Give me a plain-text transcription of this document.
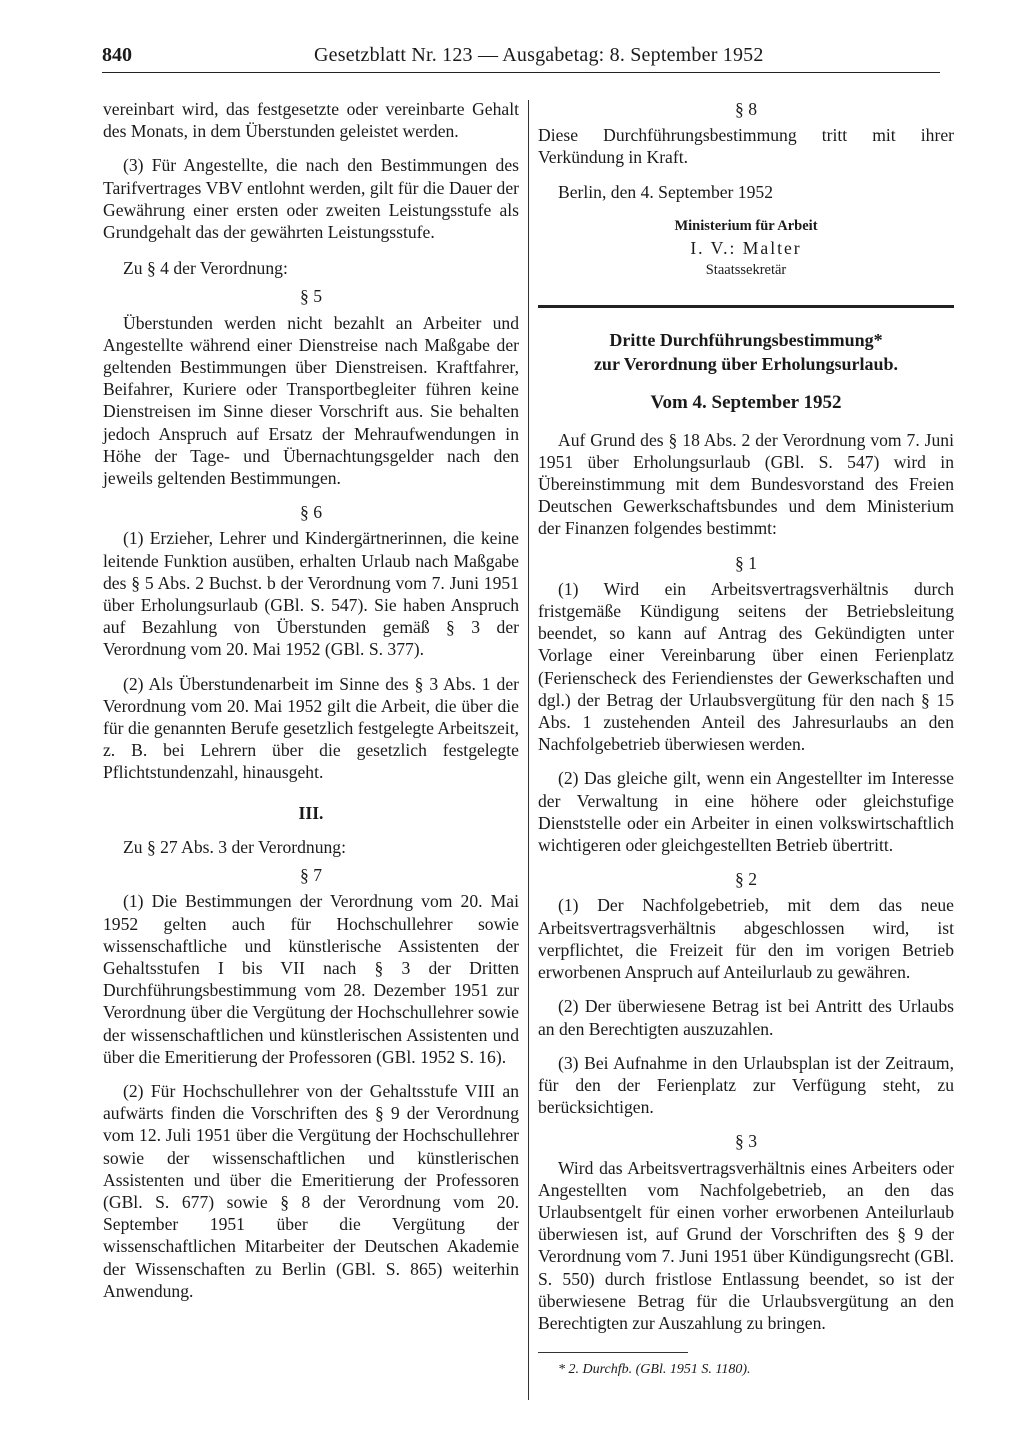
840	Gesetzblatt Nr. 123 — Ausgabetag: 8. September 1952

vereinbart wird, das festgesetzte oder vereinbarte Gehalt des Monats, in dem Überstunden geleistet werden.

(3) Für Angestellte, die nach den Bestimmungen des Tarifvertrages VBV entlohnt werden, gilt für die Dauer der Gewährung einer ersten oder zweiten Leistungsstufe als Grundgehalt das der gewährten Leistungsstufe.

Zu § 4 der Verordnung:

§ 5

Überstunden werden nicht bezahlt an Arbeiter und Angestellte während einer Dienstreise nach Maßgabe der geltenden Bestimmungen über Dienstreisen. Kraftfahrer, Beifahrer, Kuriere oder Transportbegleiter führen keine Dienstreisen im Sinne dieser Vorschrift aus. Sie behalten jedoch Anspruch auf Ersatz der Mehraufwendungen in Höhe der Tage- und Übernachtungsgelder nach den jeweils geltenden Bestimmungen.

§ 6

(1) Erzieher, Lehrer und Kindergärtnerinnen, die keine leitende Funktion ausüben, erhalten Urlaub nach Maßgabe des § 5 Abs. 2 Buchst. b der Verordnung vom 7. Juni 1951 über Erholungsurlaub (GBl. S. 547). Sie haben Anspruch auf Bezahlung von Überstunden gemäß § 3 der Verordnung vom 20. Mai 1952 (GBl. S. 377).

(2) Als Überstundenarbeit im Sinne des § 3 Abs. 1 der Verordnung vom 20. Mai 1952 gilt die Arbeit, die über die für die genannten Berufe gesetzlich festgelegte Arbeitszeit, z. B. bei Lehrern über die gesetzlich festgelegte Pflichtstundenzahl, hinausgeht.

III.

Zu § 27 Abs. 3 der Verordnung:

§ 7

(1) Die Bestimmungen der Verordnung vom 20. Mai 1952 gelten auch für Hochschullehrer sowie wissenschaftliche und künstlerische Assistenten der Gehaltsstufen I bis VII nach § 3 der Dritten Durchführungsbestimmung vom 28. Dezember 1951 zur Verordnung über die Vergütung der Hochschullehrer sowie der wissenschaftlichen und künstlerischen Assistenten und über die Emeritierung der Professoren (GBl. 1952 S. 16).

(2) Für Hochschullehrer von der Gehaltsstufe VIII an aufwärts finden die Vorschriften des § 9 der Verordnung vom 12. Juli 1951 über die Vergütung der Hochschullehrer sowie der wissenschaftlichen und künstlerischen Assistenten und über die Emeritierung der Professoren (GBl. S. 677) sowie § 8 der Verordnung vom 20. September 1951 über die Vergütung der wissenschaftlichen Mitarbeiter der Deutschen Akademie der Wissenschaften zu Berlin (GBl. S. 865) weiterhin Anwendung.

§ 8

Diese Durchführungsbestimmung tritt mit ihrer Verkündung in Kraft.

Berlin, den 4. September 1952

Ministerium für Arbeit

I. V.: Malter

Staatssekretär

Dritte Durchführungsbestimmung*

zur Verordnung über Erholungsurlaub.

Vom 4. September 1952

Auf Grund des § 18 Abs. 2 der Verordnung vom 7. Juni 1951 über Erholungsurlaub (GBl. S. 547) wird in Übereinstimmung mit dem Bundesvorstand des Freien Deutschen Gewerkschaftsbundes und dem Ministerium der Finanzen folgendes bestimmt:

§ 1

(1) Wird ein Arbeitsvertragsverhältnis durch fristgemäße Kündigung seitens der Betriebsleitung beendet, so kann auf Antrag des Gekündigten unter Vorlage einer Vereinbarung über einen Ferienplatz (Ferienscheck des Feriendienstes der Gewerkschaften und dgl.) der Betrag der Urlaubsvergütung für den nach § 15 Abs. 1 zustehenden Anteil des Jahresurlaubs an den Nachfolgebetrieb überwiesen werden.

(2) Das gleiche gilt, wenn ein Angestellter im Interesse der Verwaltung in eine höhere oder gleichstufige Dienststelle oder ein Arbeiter in einen volkswirtschaftlich wichtigeren oder gleichgestellten Betrieb übertritt.

§ 2

(1) Der Nachfolgebetrieb, mit dem das neue Arbeitsvertragsverhältnis abgeschlossen wird, ist verpflichtet, die Freizeit für den im vorigen Betrieb erworbenen Anspruch auf Anteilurlaub zu gewähren.

(2) Der überwiesene Betrag ist bei Antritt des Urlaubs an den Berechtigten auszuzahlen.

(3) Bei Aufnahme in den Urlaubsplan ist der Zeitraum, für den der Ferienplatz zur Verfügung steht, zu berücksichtigen.

§ 3

Wird das Arbeitsvertragsverhältnis eines Arbeiters oder Angestellten vom Nachfolgebetrieb, an den das Urlaubsentgelt für einen vorher erworbenen Anteilurlaub überwiesen ist, auf Grund der Vorschriften des § 9 der Verordnung vom 7. Juni 1951 über Kündigungsrecht (GBl. S. 550) durch fristlose Entlassung beendet, so ist der überwiesene Betrag für die Urlaubsvergütung an den Berechtigten zur Auszahlung zu bringen.

* 2. Durchfb. (GBl. 1951 S. 1180).
